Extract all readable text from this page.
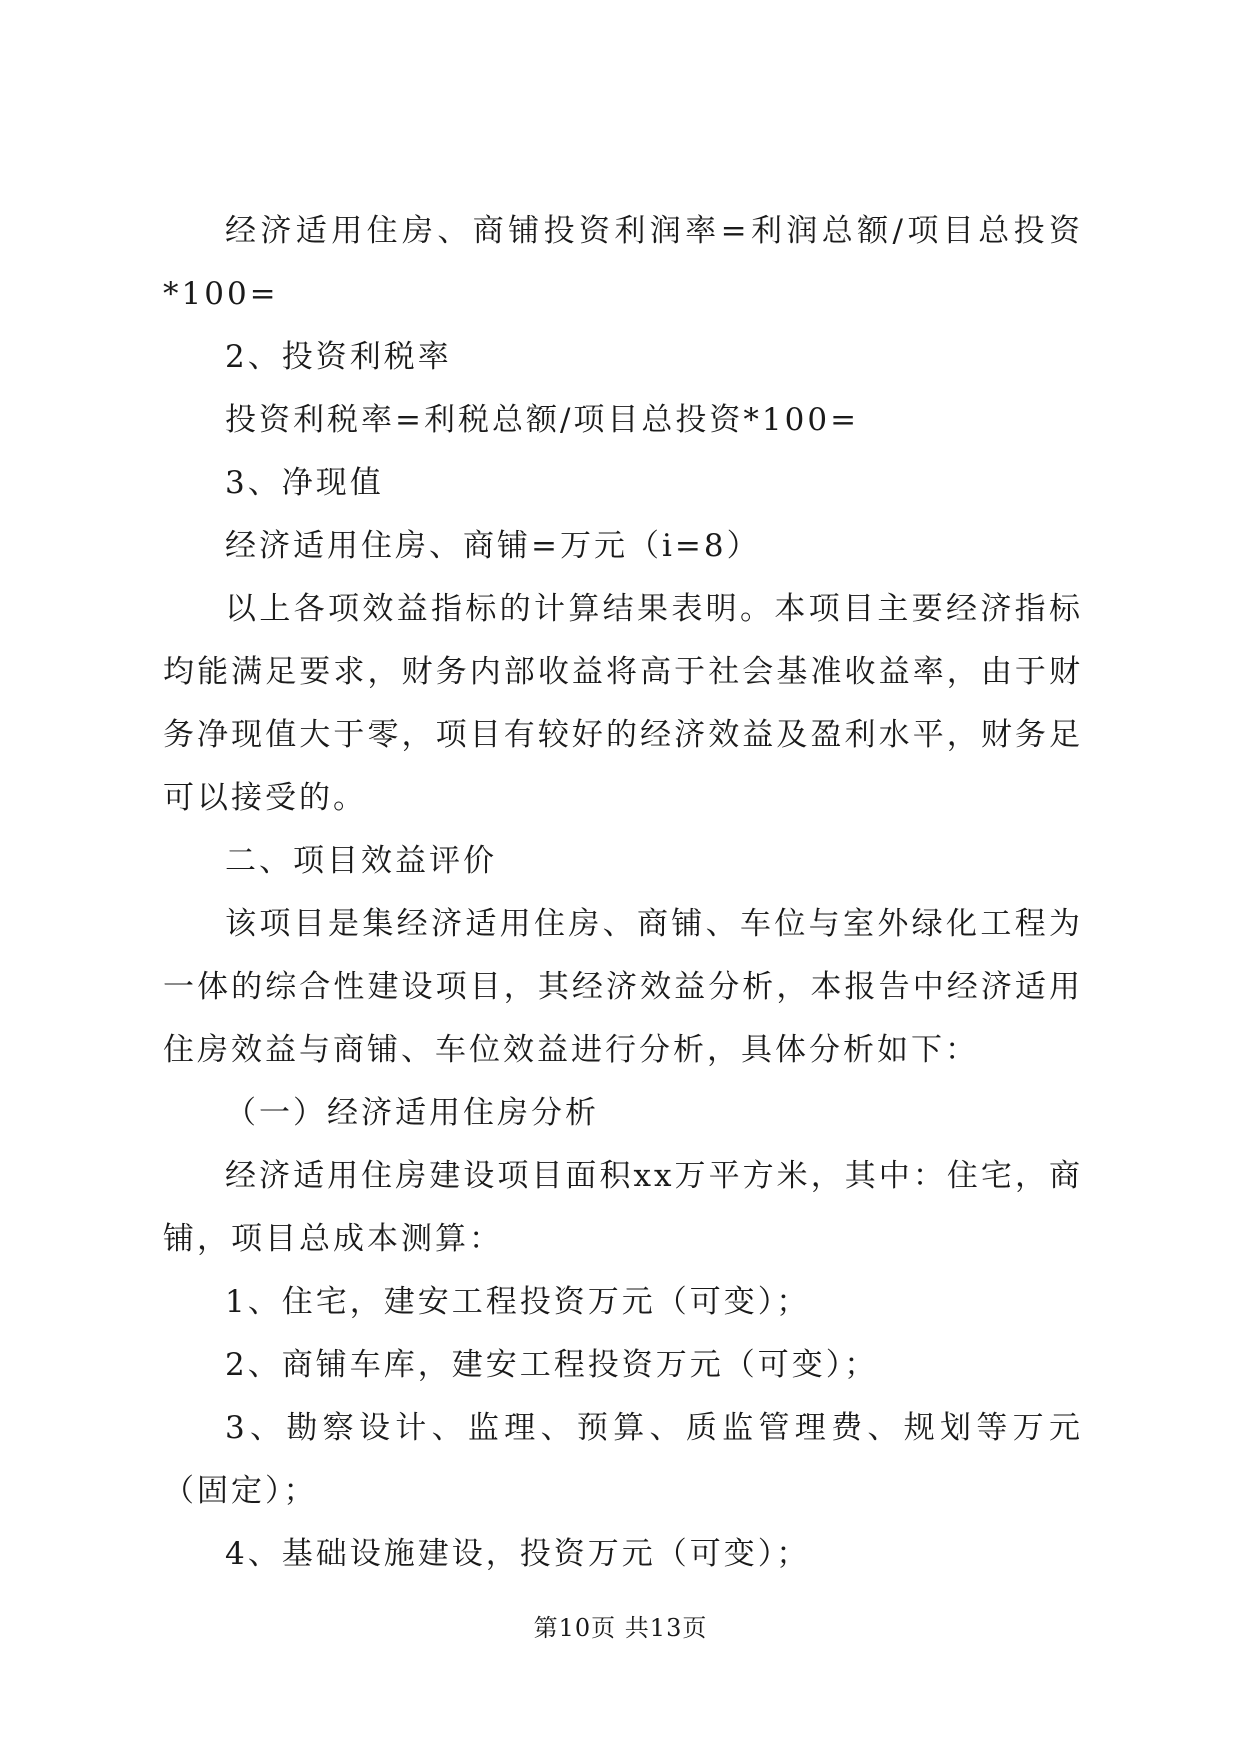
经济适用住房、商铺投资利润率=利润总额/项目总投资*100=

2、投资利税率

投资利税率=利税总额/项目总投资*100=

3、净现值

经济适用住房、商铺=万元（i=8）

以上各项效益指标的计算结果表明。本项目主要经济指标均能满足要求，财务内部收益将高于社会基准收益率，由于财务净现值大于零，项目有较好的经济效益及盈利水平，财务足可以接受的。

二、项目效益评价

该项目是集经济适用住房、商铺、车位与室外绿化工程为一体的综合性建设项目，其经济效益分析，本报告中经济适用住房效益与商铺、车位效益进行分析，具体分析如下：

（一）经济适用住房分析

经济适用住房建设项目面积xx万平方米，其中：住宅，商铺，项目总成本测算：

1、住宅，建安工程投资万元（可变）；

2、商铺车库，建安工程投资万元（可变）；

3、勘察设计、监理、预算、质监管理费、规划等万元（固定）；

4、基础设施建设，投资万元（可变）；

第10页 共13页
